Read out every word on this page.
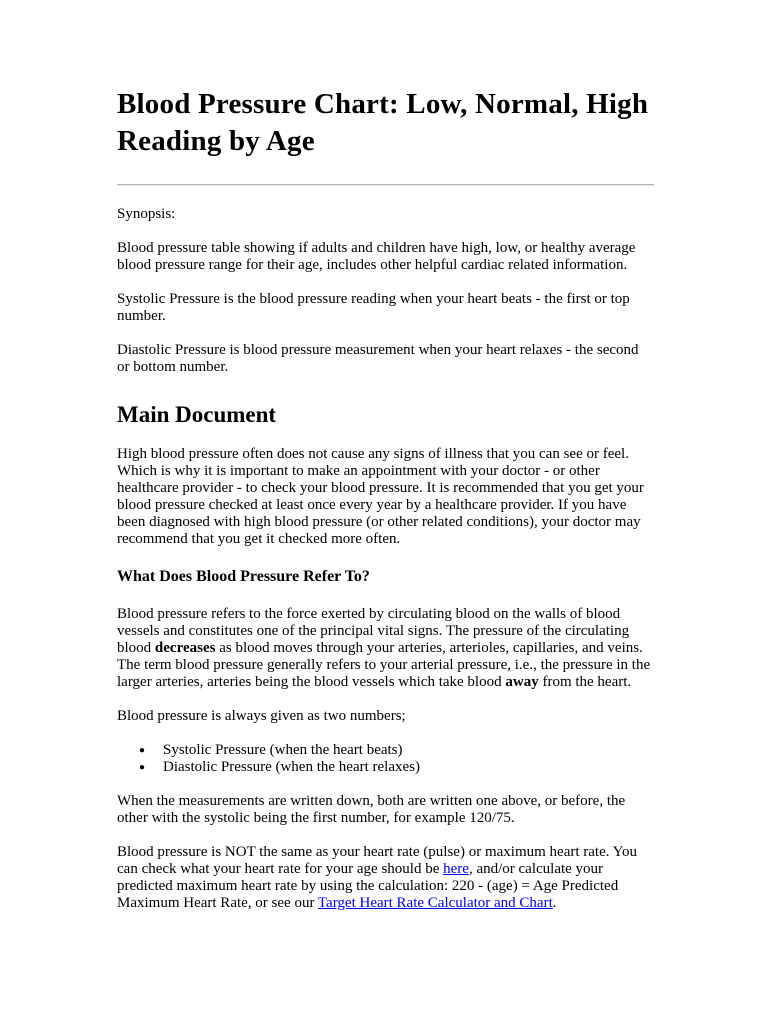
Blood Pressure Chart: Low, Normal, High Reading by Age

Synopsis:

Blood pressure table showing if adults and children have high, low, or healthy average blood pressure range for their age, includes other helpful cardiac related information.

Systolic Pressure is the blood pressure reading when your heart beats - the first or top number.

Diastolic Pressure is blood pressure measurement when your heart relaxes - the second or bottom number.

Main Document

High blood pressure often does not cause any signs of illness that you can see or feel. Which is why it is important to make an appointment with your doctor - or other healthcare provider - to check your blood pressure. It is recommended that you get your blood pressure checked at least once every year by a healthcare provider. If you have been diagnosed with high blood pressure (or other related conditions), your doctor may recommend that you get it checked more often.

What Does Blood Pressure Refer To?

Blood pressure refers to the force exerted by circulating blood on the walls of blood vessels and constitutes one of the principal vital signs. The pressure of the circulating blood decreases as blood moves through your arteries, arterioles, capillaries, and veins. The term blood pressure generally refers to your arterial pressure, i.e., the pressure in the larger arteries, arteries being the blood vessels which take blood away from the heart.

Blood pressure is always given as two numbers;

● Systolic Pressure (when the heart beats)
● Diastolic Pressure (when the heart relaxes)

When the measurements are written down, both are written one above, or before, the other with the systolic being the first number, for example 120/75.

Blood pressure is NOT the same as your heart rate (pulse) or maximum heart rate. You can check what your heart rate for your age should be here, and/or calculate your predicted maximum heart rate by using the calculation: 220 - (age) = Age Predicted Maximum Heart Rate, or see our Target Heart Rate Calculator and Chart.
